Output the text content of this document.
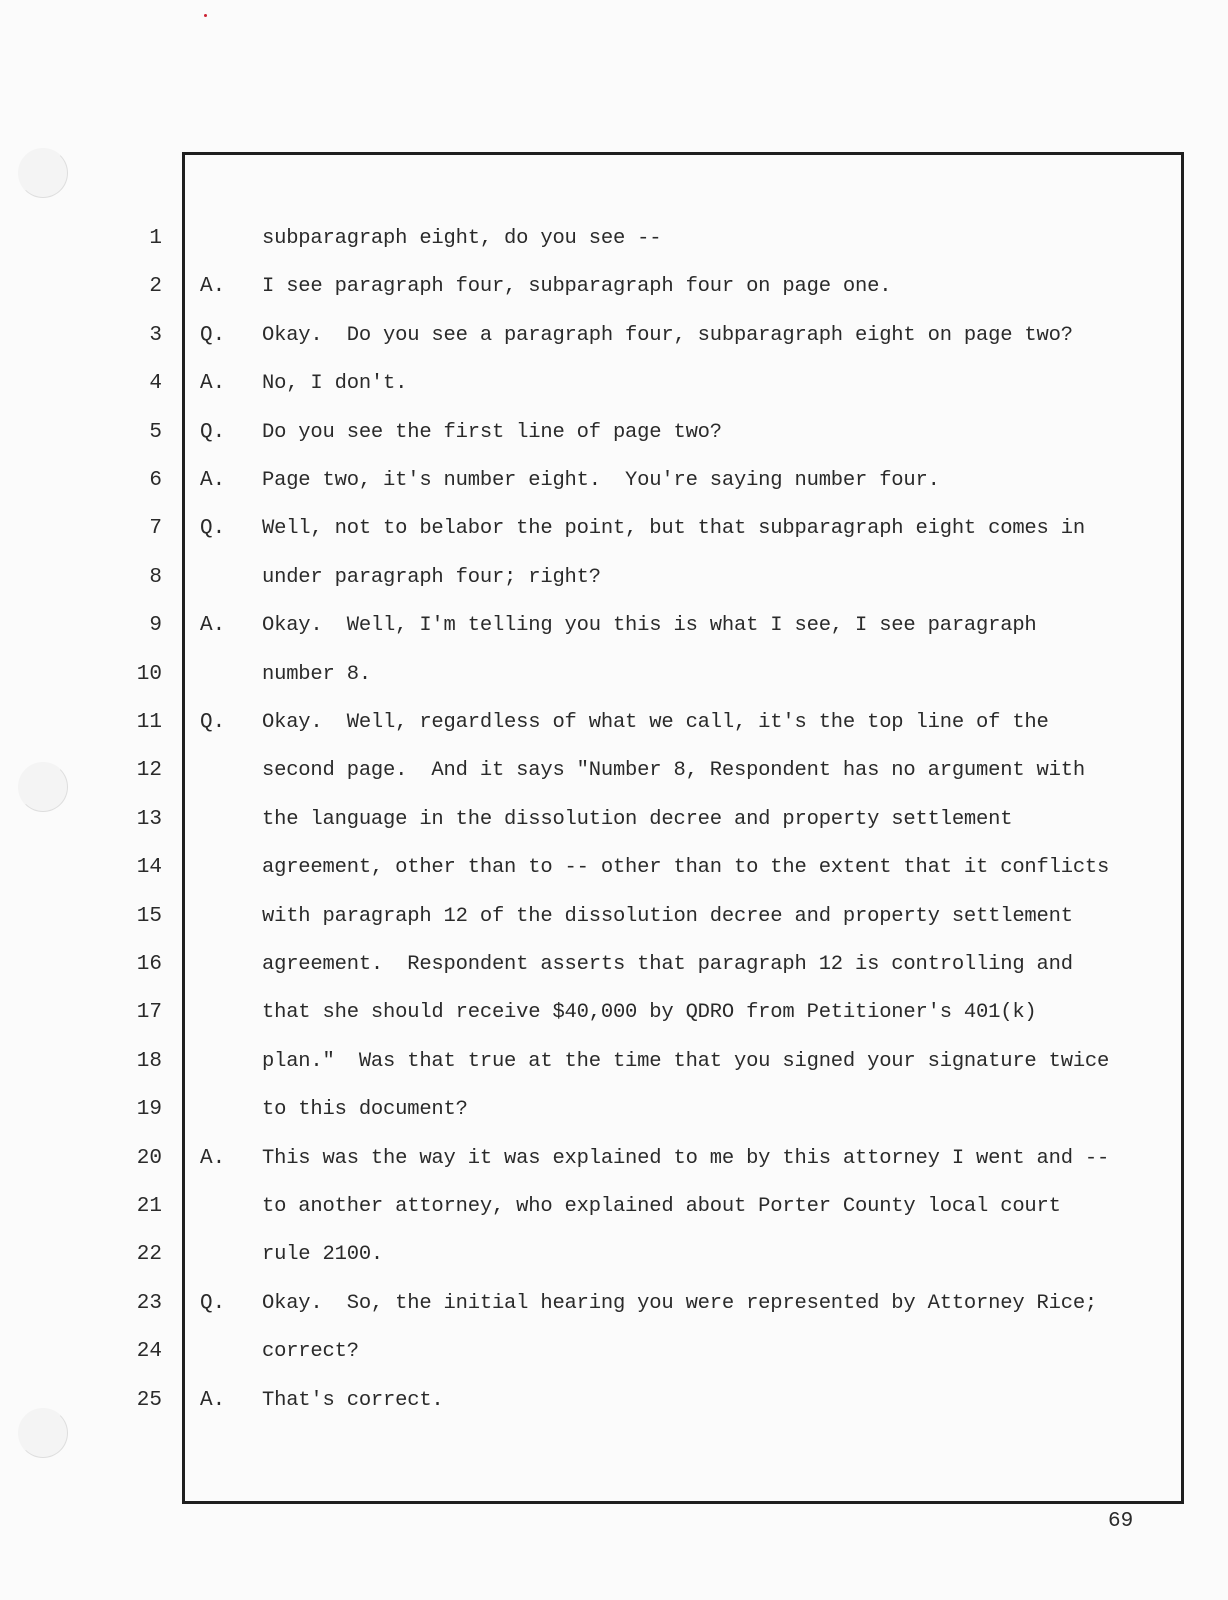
1	subparagraph eight, do you see --
2 A. I see paragraph four, subparagraph four on page one.
3 Q. Okay.  Do you see a paragraph four, subparagraph eight on page two?
4 A. No, I don't.
5 Q. Do you see the first line of page two?
6 A. Page two, it's number eight.  You're saying number four.
7 Q. Well, not to belabor the point, but that subparagraph eight comes in
8	under paragraph four; right?
9 A. Okay.  Well, I'm telling you this is what I see, I see paragraph
10	number 8.
11 Q. Okay.  Well, regardless of what we call, it's the top line of the
12	second page.  And it says "Number 8, Respondent has no argument with
13	the language in the dissolution decree and property settlement
14	agreement, other than to -- other than to the extent that it conflicts
15	with paragraph 12 of the dissolution decree and property settlement
16	agreement.  Respondent asserts that paragraph 12 is controlling and
17	that she should receive $40,000 by QDRO from Petitioner's 401(k)
18	plan."  Was that true at the time that you signed your signature twice
19	to this document?
20 A. This was the way it was explained to me by this attorney I went and --
21	to another attorney, who explained about Porter County local court
22	rule 2100.
23 Q. Okay.  So, the initial hearing you were represented by Attorney Rice;
24	correct?
25 A. That's correct.
69
